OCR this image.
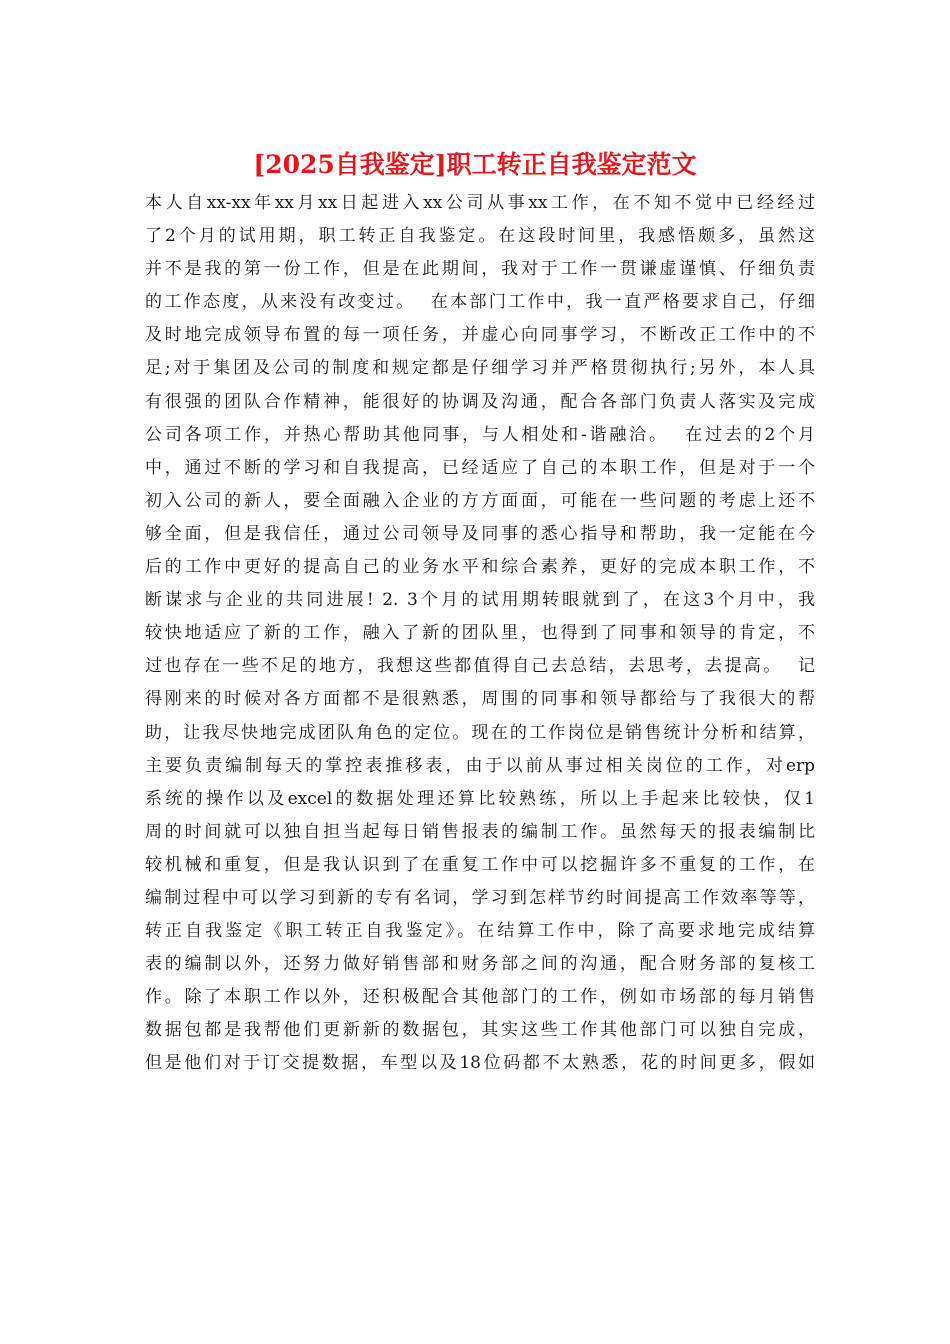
[2025自我鉴定]职工转正自我鉴定范文
本人自xx-xx年xx月xx日起进入xx公司从事xx工作，在不知不觉中已经经过
了2个月的试用期，职工转正自我鉴定。在这段时间里，我感悟颇多，虽然这
并不是我的第一份工作，但是在此期间，我对于工作一贯谦虚谨慎、仔细负责
的工作态度，从来没有改变过。  在本部门工作中，我一直严格要求自己，仔细
及时地完成领导布置的每一项任务，并虚心向同事学习，不断改正工作中的不
足;对于集团及公司的制度和规定都是仔细学习并严格贯彻执行;另外，本人具
有很强的团队合作精神，能很好的协调及沟通，配合各部门负责人落实及完成
公司各项工作，并热心帮助其他同事，与人相处和-谐融洽。  在过去的2个月
中，通过不断的学习和自我提高，已经适应了自己的本职工作，但是对于一个
初入公司的新人，要全面融入企业的方方面面，可能在一些问题的考虑上还不
够全面，但是我信任，通过公司领导及同事的悉心指导和帮助，我一定能在今
后的工作中更好的提高自己的业务水平和综合素养，更好的完成本职工作，不
断谋求与企业的共同进展! 2. 3个月的试用期转眼就到了，在这3个月中，我
较快地适应了新的工作，融入了新的团队里，也得到了同事和领导的肯定，不
过也存在一些不足的地方，我想这些都值得自己去总结，去思考，去提高。  记
得刚来的时候对各方面都不是很熟悉，周围的同事和领导都给与了我很大的帮
助，让我尽快地完成团队角色的定位。现在的工作岗位是销售统计分析和结算，
主要负责编制每天的掌控表推移表，由于以前从事过相关岗位的工作，对erp
系统的操作以及excel的数据处理还算比较熟练，所以上手起来比较快，仅1
周的时间就可以独自担当起每日销售报表的编制工作。虽然每天的报表编制比
较机械和重复，但是我认识到了在重复工作中可以挖掘许多不重复的工作，在
编制过程中可以学习到新的专有名词，学习到怎样节约时间提高工作效率等等，
转正自我鉴定《职工转正自我鉴定》。在结算工作中，除了高要求地完成结算
表的编制以外，还努力做好销售部和财务部之间的沟通，配合财务部的复核工
作。除了本职工作以外，还积极配合其他部门的工作，例如市场部的每月销售
数据包都是我帮他们更新新的数据包，其实这些工作其他部门可以独自完成，
但是他们对于订交提数据，车型以及18位码都不太熟悉，花的时间更多，假如
